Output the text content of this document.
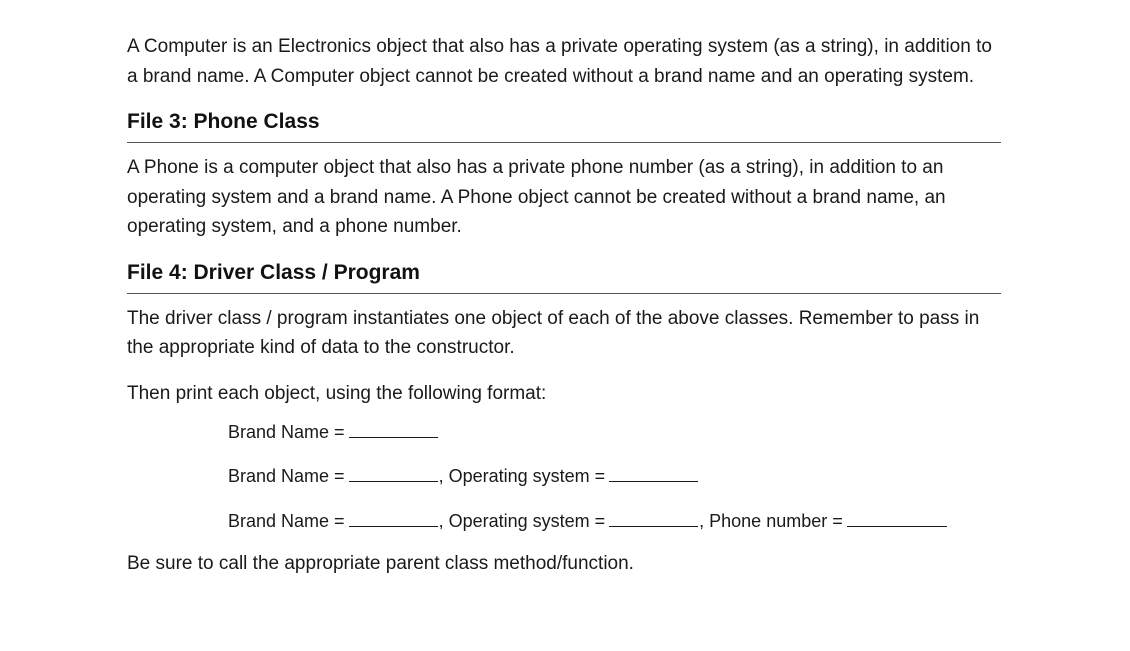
A Computer is an Electronics object that also has a private operating system (as a string), in addition to a brand name. A Computer object cannot be created without a brand name and an operating system.

File 3: Phone Class

A Phone is a computer object that also has a private phone number (as a string), in addition to an operating system and a brand name. A Phone object cannot be created without a brand name, an operating system, and a phone number.

File 4: Driver Class / Program

The driver class / program instantiates one object of each of the above classes. Remember to pass in the appropriate kind of data to the constructor.

Then print each object, using the following format:

Brand Name =
Brand Name =	, Operating system =
Brand Name =	, Operating system =	, Phone number =

Be sure to call the appropriate parent class method/function.
